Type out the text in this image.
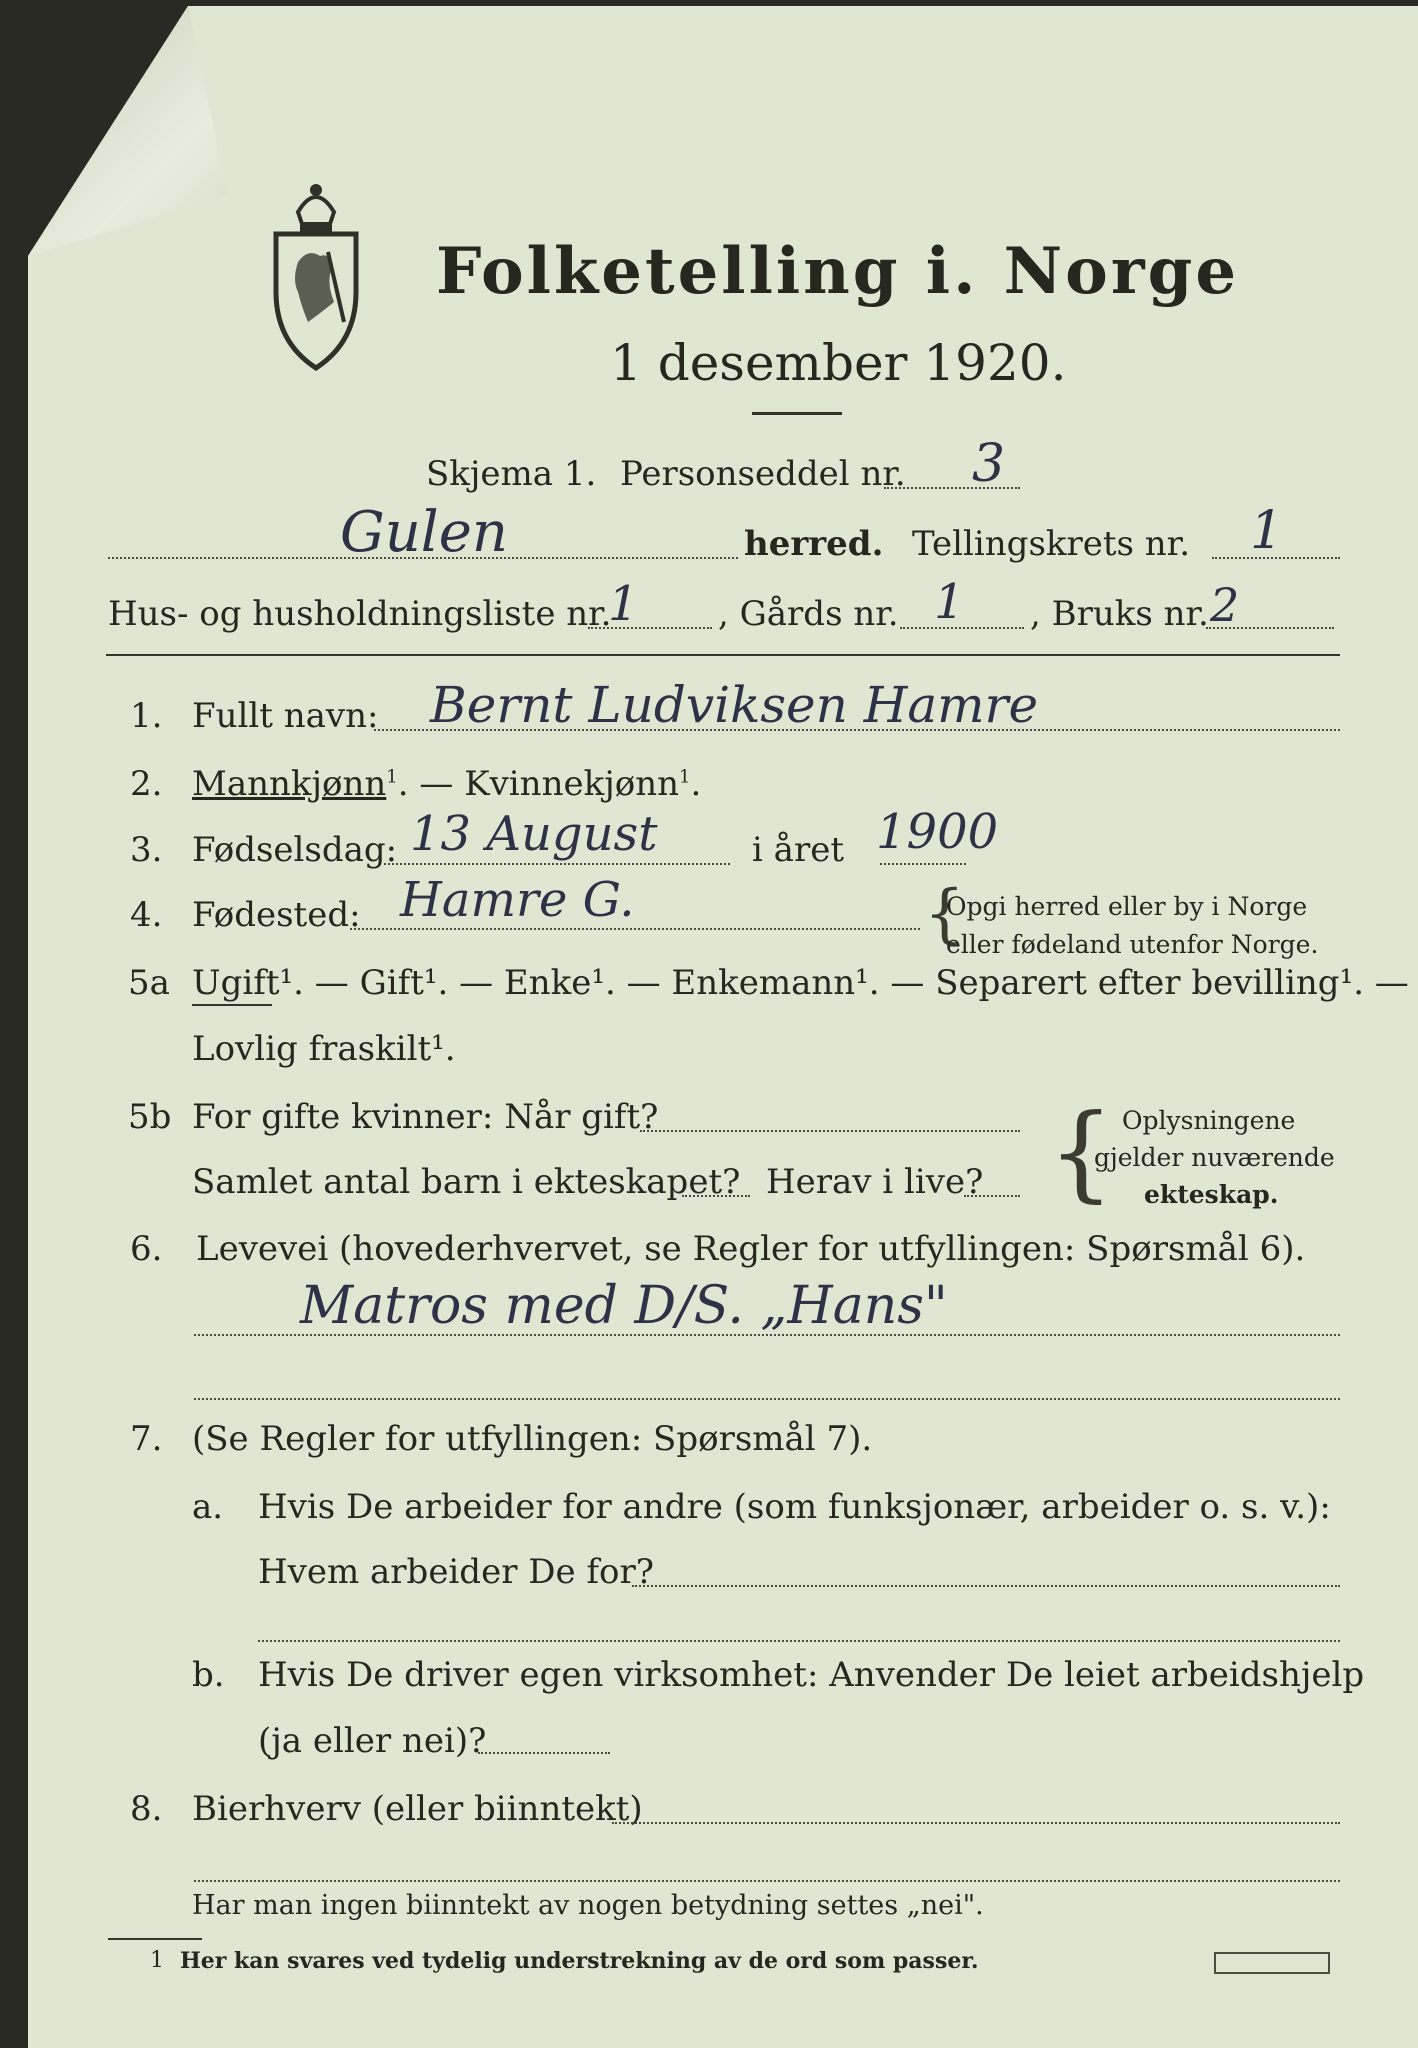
Folketelling i. Norge
1 desember 1920.
Skjema 1. Personseddel nr. 3
Gulen	herred. Tellingskrets nr. 1
Hus- og husholdningsliste nr.
1 , Gårds nr. 1 , Bruks nr. 2
1. Fullt navn: Bernt Ludviksen Hamre
2. Mannkjønn$^1$. — Kvinnekjønn$^1$.
3. Fødselsdag: 13 August	i året 1900
4. Fødested: Hamre G.	{
Opgi herred eller by i Norge
eller fødeland utenfor Norge.
5a Ugift¹. — Gift¹. — Enke¹. — Enkemann¹. — Separert efter bevilling¹. —
Lovlig fraskilt¹.
5b For gifte kvinner: Når gift?
Samlet antal barn i ekteskapet? Herav i live? { Oplysningene
gjelder nuværende
ekteskap.
6. Levevei (hovederhvervet, se Regler for utfyllingen: Spørsmål 6).
Matros med D/S. „Hans"
7. (Se Regler for utfyllingen: Spørsmål 7).
a. Hvis De arbeider for andre (som funksjonær, arbeider o. s. v.):
Hvem arbeider De for?
b. Hvis De driver egen virksomhet: Anvender De leiet arbeidshjelp
(ja eller nei)?
8. Bierhverv (eller biinntekt)
Har man ingen biinntekt av nogen betydning settes „nei".
1 Her kan svares ved tydelig understrekning av de ord som passer.
